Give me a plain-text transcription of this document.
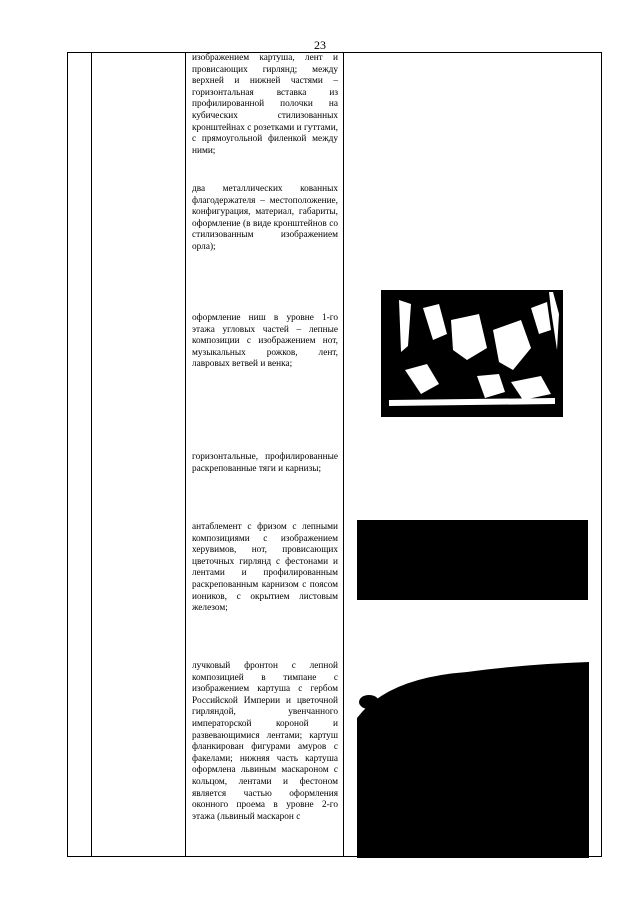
23
изображением картуша, лент и провисающих гирлянд; между верхней и нижней частями – горизонтальная вставка из профилированной полочки на кубических стилизованных кронштейнах с розетками и гуттами, с прямоугольной филенкой между ними;
два металлических кованных флагодержателя – местоположение, конфигурация, материал, габариты, оформление (в виде кронштейнов со стилизованным изображением орла);
оформление ниш в уровне 1-го этажа угловых частей – лепные композиции с изображением нот, музыкальных рожков, лент, лавровых ветвей и венка;
горизонтальные, профилированные раскрепованные тяги и карнизы;
антаблемент с фризом с лепными композициями с изображением херувимов, нот, провисающих цветочных гирлянд с фестонами и лентами и профилированным раскрепованным карнизом с поясом иоников, с окрытием листовым железом;
лучковый фронтон с лепной композицией в тимпане с изображением картуша с гербом Российской Империи и цветочной гирляндой, увенчанного императорской короной и развевающимися лентами; картуш фланкирован фигурами амуров с факелами; нижняя часть картуша оформлена львиным маскароном с кольцом, лентами и фестоном является частью оформления оконного проема в уровне 2-го этажа (львиный маскарон с
